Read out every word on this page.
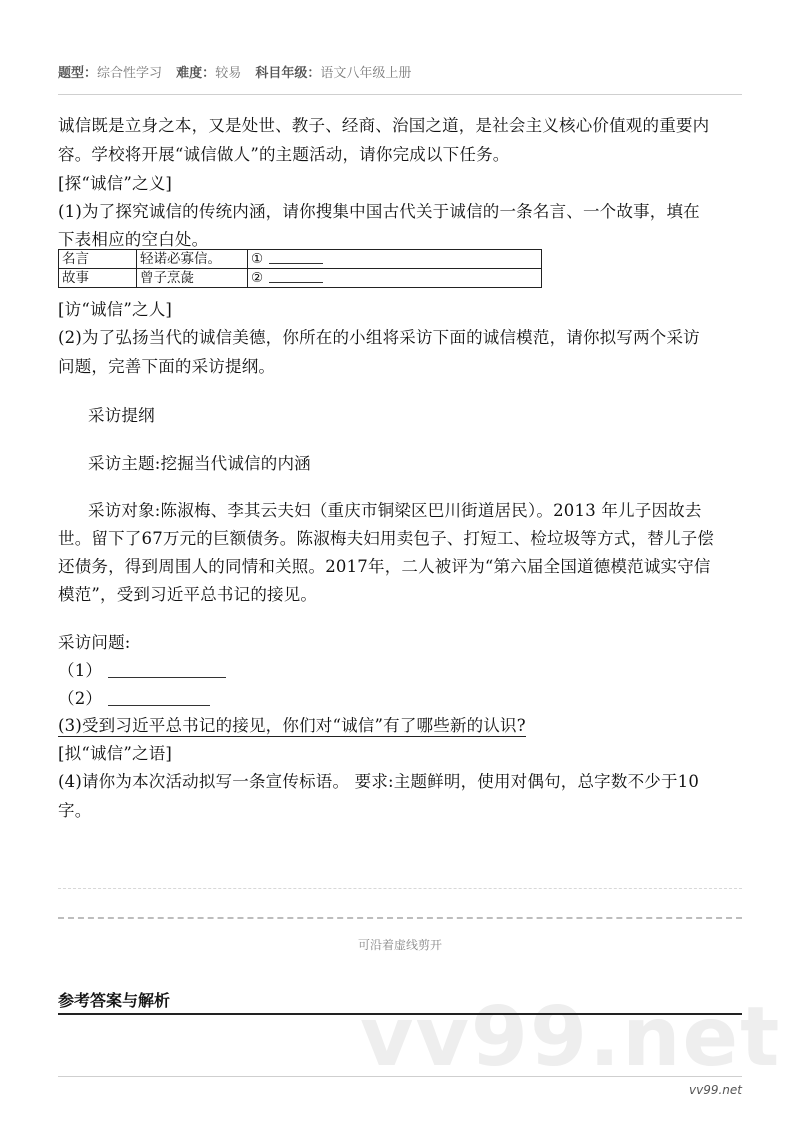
题型：综合性学习 难度：较易 科目年级：语文八年级上册
诚信既是立身之本，又是处世、教子、经商、治国之道，是社会主义核心价值观的重要内
容。学校将开展“诚信做人”的主题活动，请你完成以下任务。
[探“诚信”之义]
(1)为了探究诚信的传统内涵，请你搜集中国古代关于诚信的一条名言、一个故事，填在
下表相应的空白处。
名言	轻诺必寡信。	①
故事	曾子烹彘	②
[访“诚信”之人]
(2)为了弘扬当代的诚信美德，你所在的小组将采访下面的诚信模范，请你拟写两个采访
问题，完善下面的采访提纲。
采访提纲
采访主题:挖掘当代诚信的内涵
采访对象:陈淑梅、李其云夫妇（重庆市铜梁区巴川街道居民）。2013 年儿子因故去
世。留下了67万元的巨额债务。陈淑梅夫妇用卖包子、打短工、检垃圾等方式，替儿子偿
还债务，得到周围人的同情和关照。2017年，二人被评为“第六届全国道德模范诚实守信
模范”，受到习近平总书记的接见。
采访问题:
（1）
（2）
(3)受到习近平总书记的接见，你们对“诚信”有了哪些新的认识?
[拟“诚信”之语]
(4)请你为本次活动拟写一条宣传标语。 要求:主题鲜明，使用对偶句，总字数不少于10
字。
可沿着虚线剪开
vv99.net
参考答案与解析
vv99.net
